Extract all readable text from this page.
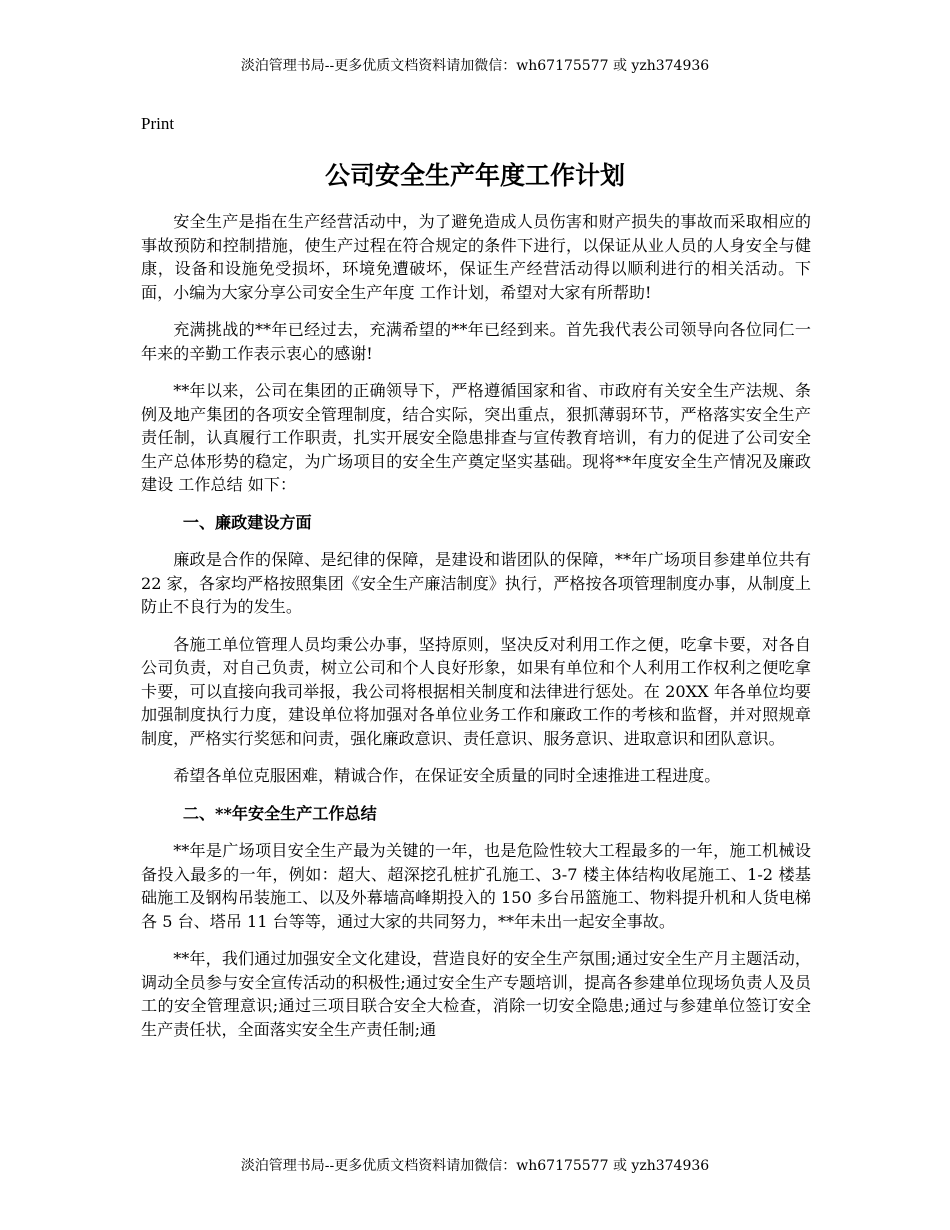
淡泊管理书局--更多优质文档资料请加微信：wh67175577 或 yzh374936
Print
公司安全生产年度工作计划

安全生产是指在生产经营活动中，为了避免造成人员伤害和财产损失的事故而采取相应的事故预防和控制措施，使生产过程在符合规定的条件下进行，以保证从业人员的人身安全与健康，设备和设施免受损坏，环境免遭破坏，保证生产经营活动得以顺利进行的相关活动。下面，小编为大家分享公司安全生产年度 工作计划，希望对大家有所帮助!

充满挑战的**年已经过去，充满希望的**年已经到来。首先我代表公司领导向各位同仁一年来的辛勤工作表示衷心的感谢!

**年以来，公司在集团的正确领导下，严格遵循国家和省、市政府有关安全生产法规、条例及地产集团的各项安全管理制度，结合实际，突出重点，狠抓薄弱环节，严格落实安全生产责任制，认真履行工作职责，扎实开展安全隐患排查与宣传教育培训，有力的促进了公司安全生产总体形势的稳定，为广场项目的安全生产奠定坚实基础。现将**年度安全生产情况及廉政建设 工作总结 如下：

一、廉政建设方面

廉政是合作的保障、是纪律的保障，是建设和谐团队的保障，**年广场项目参建单位共有 22 家，各家均严格按照集团《安全生产廉洁制度》执行，严格按各项管理制度办事，从制度上防止不良行为的发生。

各施工单位管理人员均秉公办事，坚持原则，坚决反对利用工作之便，吃拿卡要，对各自公司负责，对自己负责，树立公司和个人良好形象，如果有单位和个人利用工作权利之便吃拿卡要，可以直接向我司举报，我公司将根据相关制度和法律进行惩处。在 20XX 年各单位均要加强制度执行力度，建设单位将加强对各单位业务工作和廉政工作的考核和监督，并对照规章制度，严格实行奖惩和问责，强化廉政意识、责任意识、服务意识、进取意识和团队意识。

希望各单位克服困难，精诚合作，在保证安全质量的同时全速推进工程进度。

二、**年安全生产工作总结

**年是广场项目安全生产最为关键的一年，也是危险性较大工程最多的一年，施工机械设备投入最多的一年，例如：超大、超深挖孔桩扩孔施工、3-7 楼主体结构收尾施工、1-2 楼基础施工及钢构吊装施工、以及外幕墙高峰期投入的 150 多台吊篮施工、物料提升机和人货电梯各 5 台、塔吊 11 台等等，通过大家的共同努力，**年未出一起安全事故。

**年，我们通过加强安全文化建设，营造良好的安全生产氛围;通过安全生产月主题活动，调动全员参与安全宣传活动的积极性;通过安全生产专题培训，提高各参建单位现场负责人及员工的安全管理意识;通过三项目联合安全大检查，消除一切安全隐患;通过与参建单位签订安全生产责任状，全面落实安全生产责任制;通

淡泊管理书局--更多优质文档资料请加微信：wh67175577 或 yzh374936
